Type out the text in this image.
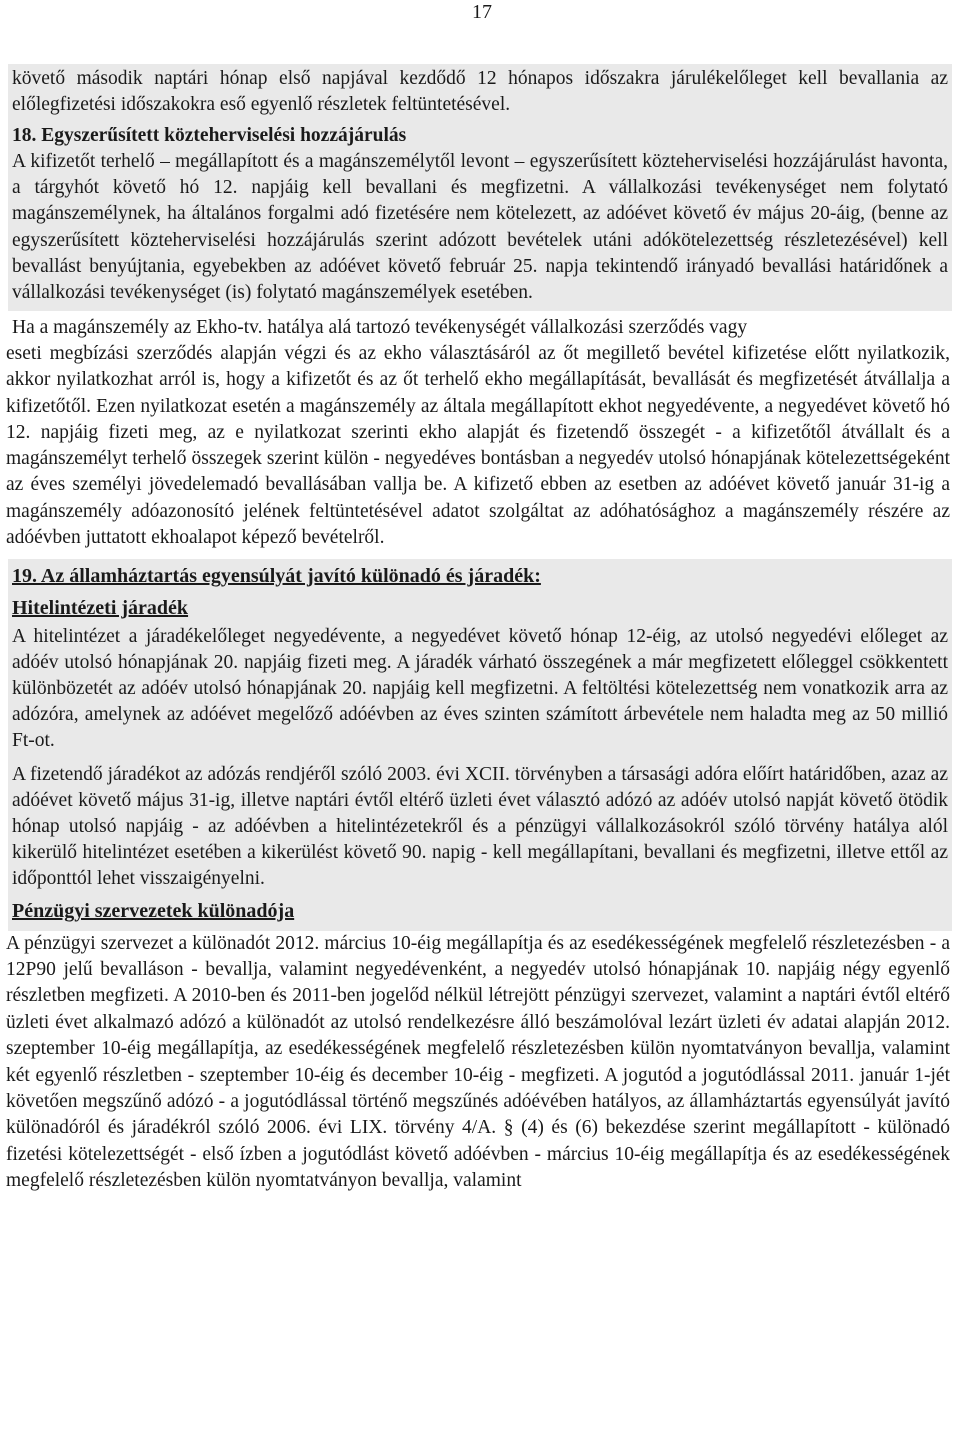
17

követő második naptári hónap első napjával kezdődő 12 hónapos időszakra járulékelőleget kell bevallania az előlegfizetési időszakokra eső egyenlő részletek feltüntetésével.

18. Egyszerűsített közteherviselési hozzájárulás

A kifizetőt terhelő – megállapított és a magánszemélytől levont – egyszerűsített közteherviselési hozzájárulást havonta, a tárgyhót követő hó 12. napjáig kell bevallani és megfizetni. A vállalkozási tevékenységet nem folytató magánszemélynek, ha általános forgalmi adó fizetésére nem kötelezett, az adóévet követő év május 20-áig, (benne az egyszerűsített közteherviselési hozzájárulás szerint adózott bevételek utáni adókötelezettség részletezésével) kell bevallást benyújtania, egyebekben az adóévet követő február 25. napja tekintendő irányadó bevallási határidőnek a vállalkozási tevékenységet (is) folytató magánszemélyek esetében.

Ha a magánszemély az Ekho-tv. hatálya alá tartozó tevékenységét vállalkozási szerződés vagy

eseti megbízási szerződés alapján végzi és az ekho választásáról az őt megillető bevétel kifizetése előtt nyilatkozik, akkor nyilatkozhat arról is, hogy a kifizetőt és az őt terhelő ekho megállapítását, bevallását és megfizetését átvállalja a kifizetőtől. Ezen nyilatkozat esetén a magánszemély az általa megállapított ekhot negyedévente, a negyedévet követő hó 12. napjáig fizeti meg, az e nyilatkozat szerinti ekho alapját és fizetendő összegét - a kifizetőtől átvállalt és a magánszemélyt terhelő összegek szerint külön - negyedéves bontásban a negyedév utolsó hónapjának kötelezettségeként az éves személyi jövedelemadó bevallásában vallja be. A kifizető ebben az esetben az adóévet követő január 31-ig a magánszemély adóazonosító jelének feltüntetésével adatot szolgáltat az adóhatósághoz a magánszemély részére az adóévben juttatott ekhoalapot képező bevételről.

19. Az államháztartás egyensúlyát javító különadó és járadék:

Hitelintézeti járadék

A hitelintézet a járadékelőleget negyedévente, a negyedévet követő hónap 12-éig, az utolsó negyedévi előleget az adóév utolsó hónapjának 20. napjáig fizeti meg. A járadék várható összegének a már megfizetett előleggel csökkentett különbözetét az adóév utolsó hónapjának 20. napjáig kell megfizetni. A feltöltési kötelezettség nem vonatkozik arra az adózóra, amelynek az adóévet megelőző adóévben az éves szinten számított árbevétele nem haladta meg az 50 millió Ft-ot.

A fizetendő járadékot az adózás rendjéről szóló 2003. évi XCII. törvényben a társasági adóra előírt határidőben, azaz az adóévet követő május 31-ig, illetve naptári évtől eltérő üzleti évet választó adózó az adóév utolsó napját követő ötödik hónap utolsó napjáig - az adóévben a hitelintézetekről és a pénzügyi vállalkozásokról szóló törvény hatálya alól kikerülő hitelintézet esetében a kikerülést követő 90. napig - kell megállapítani, bevallani és megfizetni, illetve ettől az időponttól lehet visszaigényelni.

Pénzügyi szervezetek különadója

A pénzügyi szervezet a különadót 2012. március 10-éig megállapítja és az esedékességének megfelelő részletezésben - a 12P90 jelű bevalláson - bevallja, valamint negyedévenként, a negyedév utolsó hónapjának 10. napjáig négy egyenlő részletben megfizeti. A 2010-ben és 2011-ben jogelőd nélkül létrejött pénzügyi szervezet, valamint a naptári évtől eltérő üzleti évet alkalmazó adózó a különadót az utolsó rendelkezésre álló beszámolóval lezárt üzleti év adatai alapján 2012. szeptember 10-éig megállapítja, az esedékességének megfelelő részletezésben külön nyomtatványon bevallja, valamint két egyenlő részletben - szeptember 10-éig és december 10-éig - megfizeti. A jogutód a jogutódlással 2011. január 1-jét követően megszűnő adózó - a jogutódlással történő megszűnés adóévében hatályos, az államháztartás egyensúlyát javító különadóról és járadékról szóló 2006. évi LIX. törvény 4/A. § (4) és (6) bekezdése szerint megállapított - különadó fizetési kötelezettségét - első ízben a jogutódlást követő adóévben - március 10-éig megállapítja és az esedékességének megfelelő részletezésben külön nyomtatványon bevallja, valamint
